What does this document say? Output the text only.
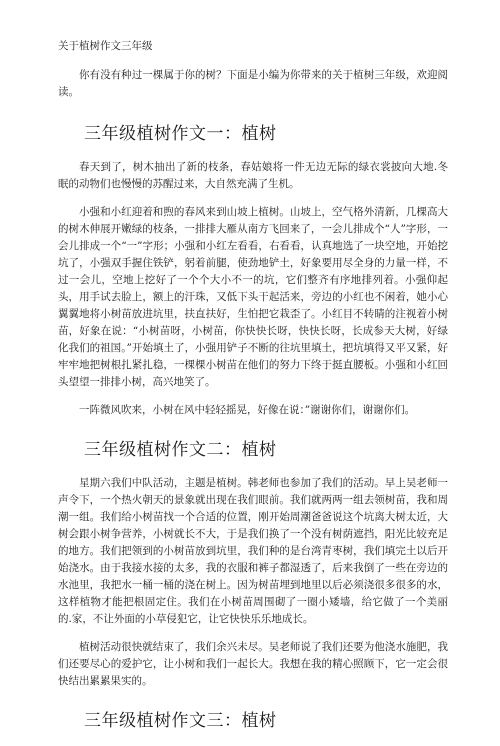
关于植树作文三年级

你有没有种过一棵属于你的树？下面是小编为你带来的关于植树三年级，欢迎阅读。

三年级植树作文一：植树

春天到了，树木抽出了新的枝条，春姑娘将一件无边无际的绿衣裳披向大地.冬眠的动物们也慢慢的苏醒过来，大自然充满了生机。

小强和小红迎着和煦的春风来到山坡上植树。山坡上，空气格外清新，几棵高大的树木伸展开嫩绿的枝条，一排排大雁从南方飞回来了，一会儿排成个“人”字形，一会儿排成一个“一”字形；小强和小红左看看，右看看，认真地选了一块空地，开始挖坑了，小强双手握住铁铲，躬着前腿，使劲地铲土，好象要用尽全身的力量一样，不过一会儿，空地上挖好了一个个大小不一的坑，它们整齐有序地排列着。小强仰起头，用手试去脸上，额上的汗珠，又低下头干起活来，旁边的小红也不闲着，她小心翼翼地将小树苗放进坑里，扶直扶好，生怕把它栽歪了。小红目不转睛的注视着小树苗，好象在说：“小树苗呀，小树苗，你快快长呀，快快长呀，长成参天大树，好绿化我们的祖国。”开始填土了，小强用铲子不断的往坑里填土，把坑填得又平又紧，好牢牢地把树根扎紧扎稳，一棵棵小树苗在他们的努力下终于挺直腰板。小强和小红回头望望一排排小树，高兴地笑了。

一阵微风吹来，小树在风中轻轻摇晃，好像在说：”谢谢你们，谢谢你们。

三年级植树作文二：植树

星期六我们中队活动，主题是植树。韩老师也参加了我们的活动。早上吴老师一声令下，一个热火朝天的景象就出现在我们眼前。我们就两两一组去领树苗，我和周潮一组。我们给小树苗找一个合适的位置，刚开始周潮爸爸说这个坑离大树太近，大树会跟小树争营养，小树就长不大，于是我们换了一个没有树荫遮挡，阳光比较充足的地方。我们把领到的小树苗放到坑里，我们种的是台湾青枣树，我们填完土以后开始浇水。由于我接水接的太多，我的衣服和裤子都湿透了，后来我倒了一些在旁边的水池里，我把水一桶一桶的浇在树上。因为树苗埋到地里以后必须浇很多很多的水，这样植物才能把根固定住。我们在小树苗周围砌了一圈小矮墙，给它做了一个美丽的.家，不让外面的小草侵犯它，让它快快乐乐地成长。

植树活动很快就结束了，我们余兴未尽。吴老师说了我们还要为他浇水施肥，我们还要尽心的爱护它，让小树和我们一起长大。我想在我的精心照顾下，它一定会很快结出累累果实的。

三年级植树作文三：植树
